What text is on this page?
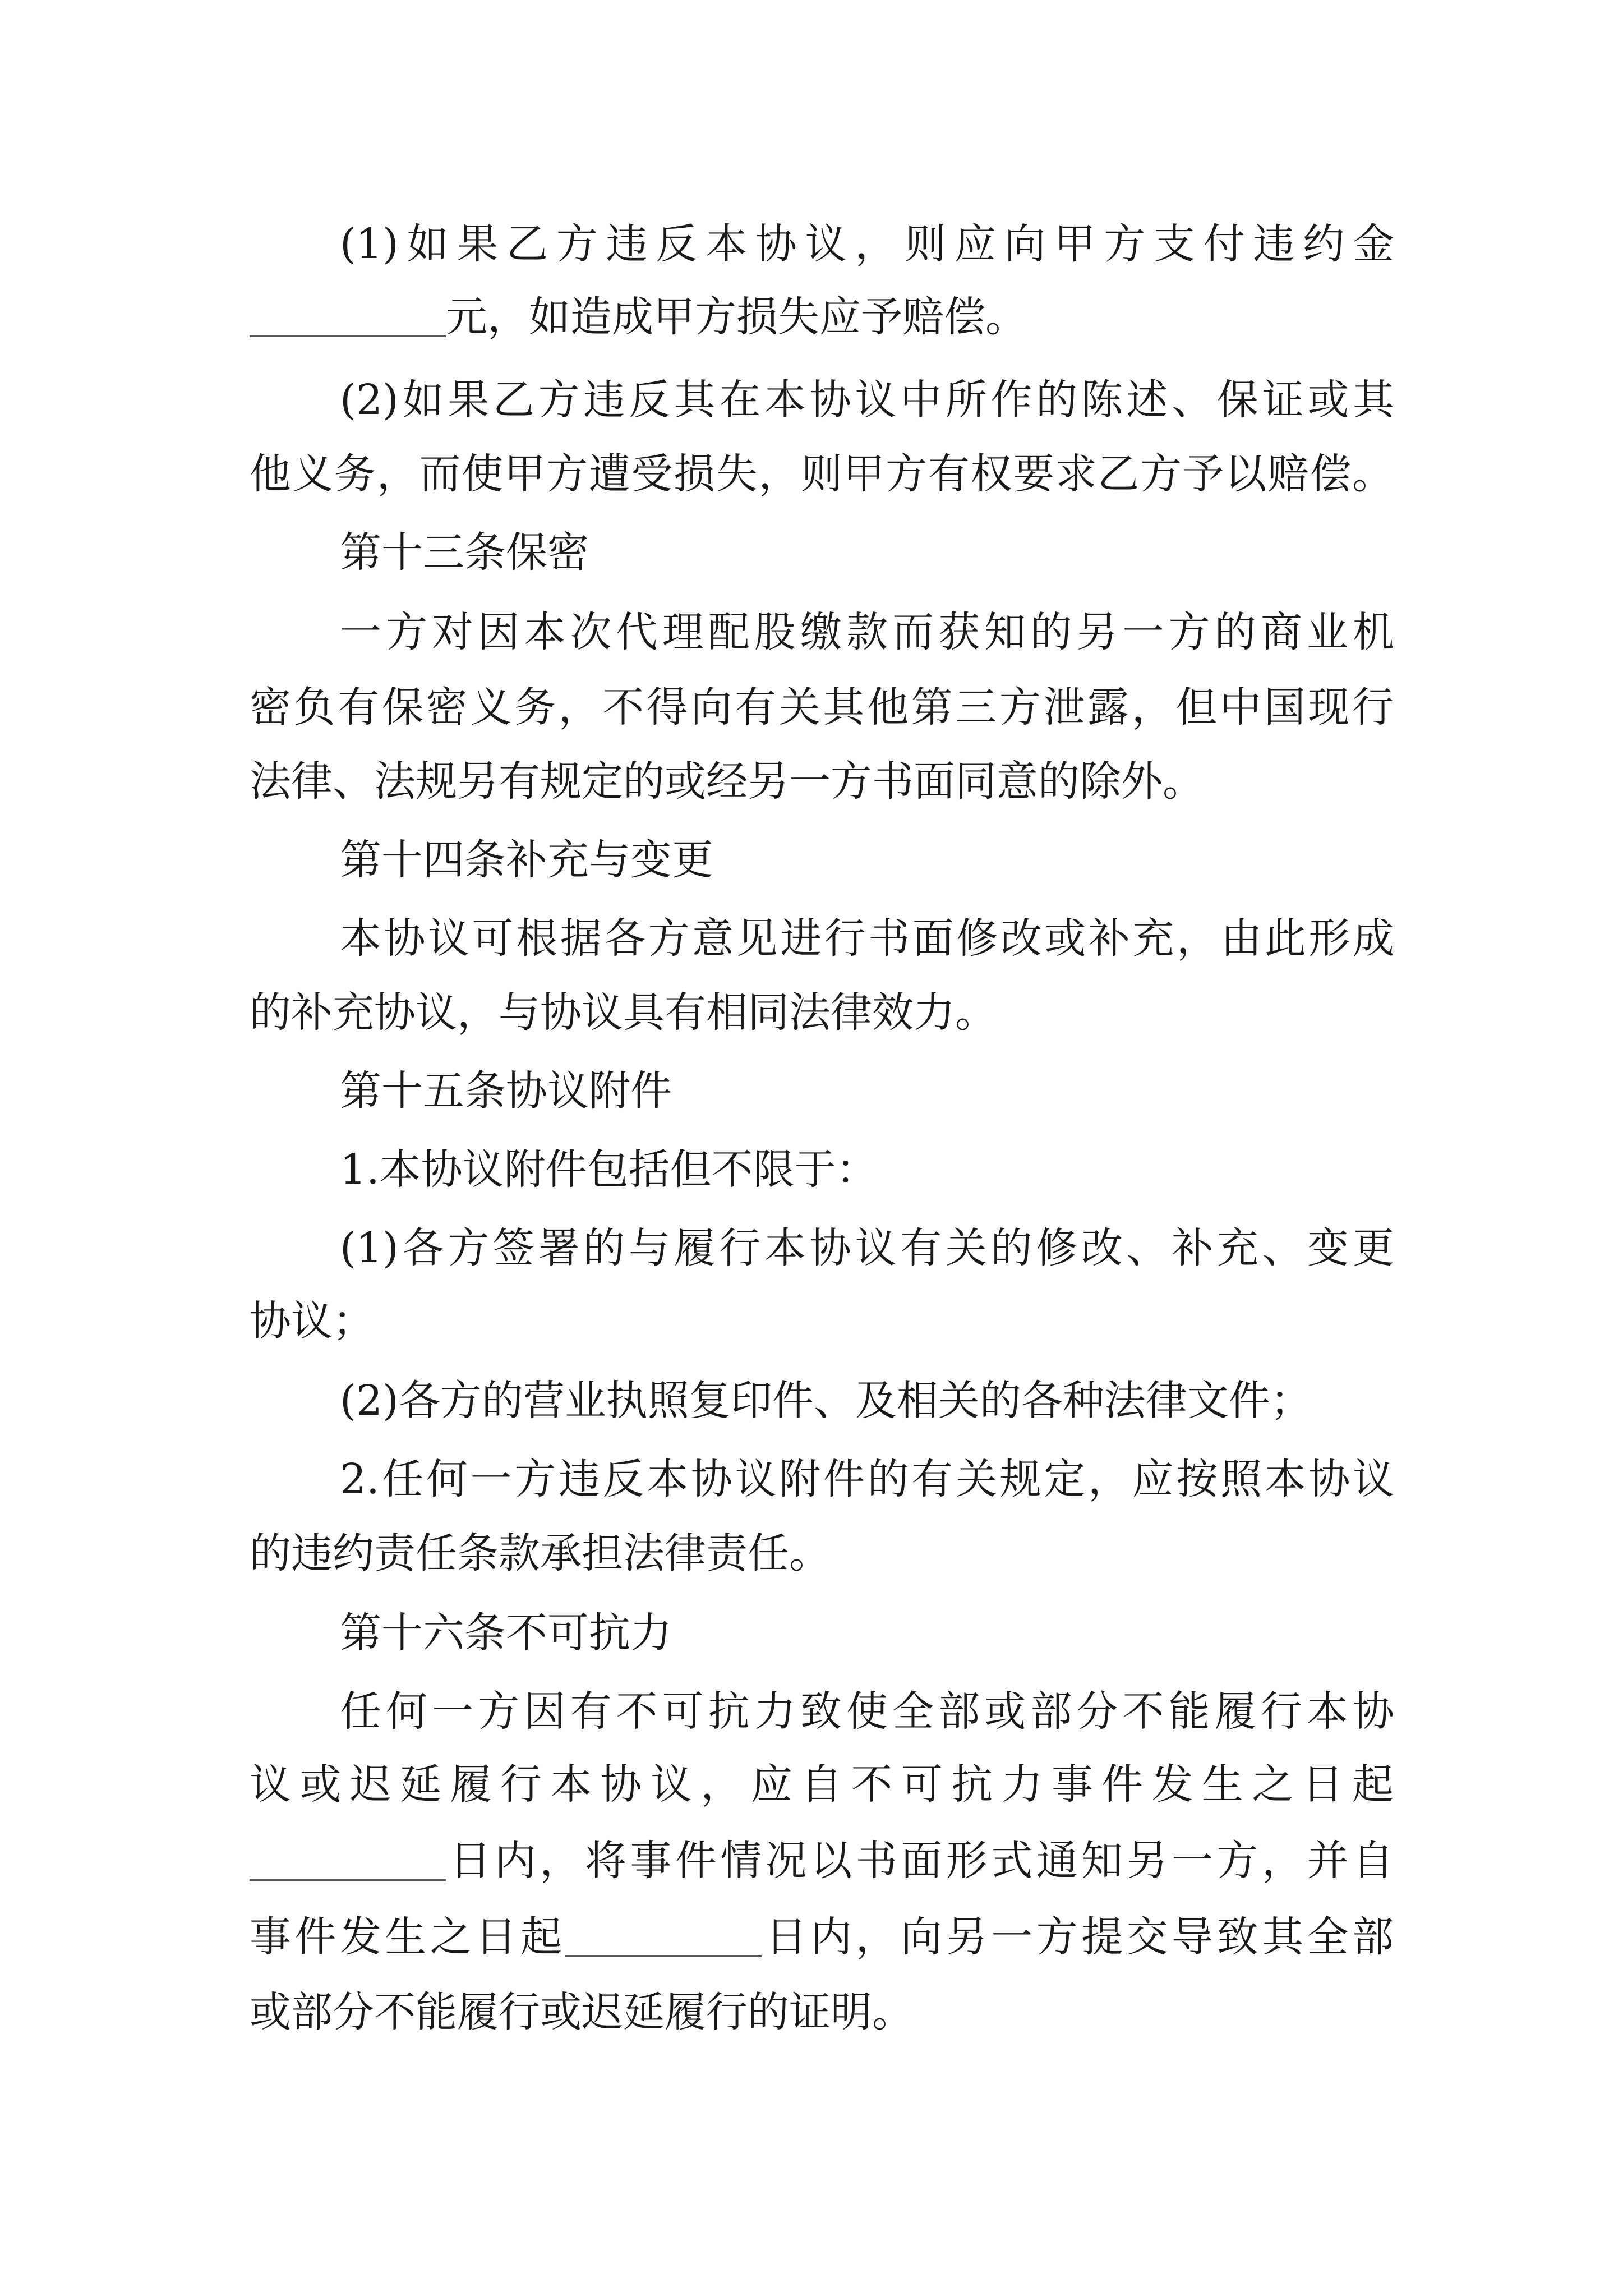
(1)如果乙方违反本协议，则应向甲方支付违约金
元，如造成甲方损失应予赔偿。
(2)如果乙方违反其在本协议中所作的陈述、保证或其
他义务，而使甲方遭受损失，则甲方有权要求乙方予以赔偿。
第十三条保密
一方对因本次代理配股缴款而获知的另一方的商业机
密负有保密义务，不得向有关其他第三方泄露，但中国现行
法律、法规另有规定的或经另一方书面同意的除外。
第十四条补充与变更
本协议可根据各方意见进行书面修改或补充，由此形成
的补充协议，与协议具有相同法律效力。
第十五条协议附件
1.本协议附件包括但不限于：
(1)各方签署的与履行本协议有关的修改、补充、变更
协议；
(2)各方的营业执照复印件、及相关的各种法律文件；
2.任何一方违反本协议附件的有关规定，应按照本协议
的违约责任条款承担法律责任。
第十六条不可抗力
任何一方因有不可抗力致使全部或部分不能履行本协
议或迟延履行本协议，应自不可抗力事件发生之日起
日内，将事件情况以书面形式通知另一方，并自
事件发生之日起	日内，向另一方提交导致其全部
或部分不能履行或迟延履行的证明。
